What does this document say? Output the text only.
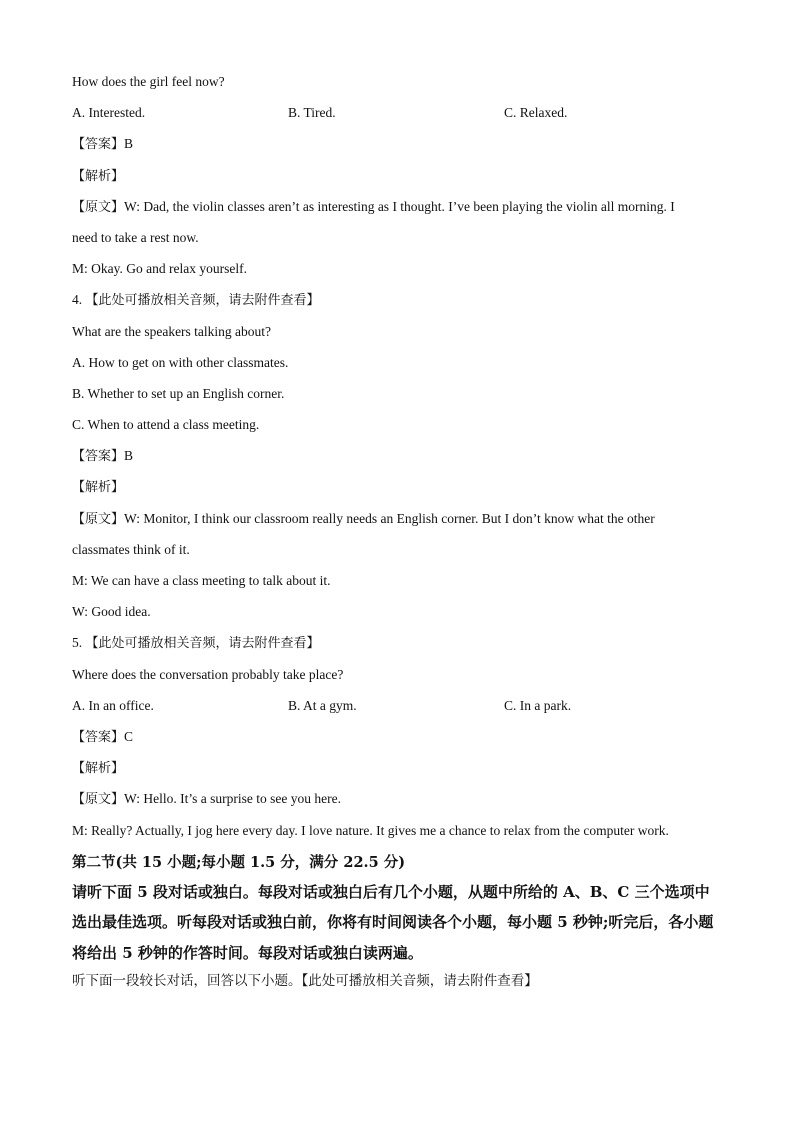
How does the girl feel now?
A. Interested.	B. Tired.	C. Relaxed.
【答案】B
【解析】
【原文】W: Dad, the violin classes aren’t as interesting as I thought. I’ve been playing the violin all morning. I
need to take a rest now.
M: Okay. Go and relax yourself.
4. 【此处可播放相关音频，请去附件查看】
What are the speakers talking about?
A. How to get on with other classmates.
B. Whether to set up an English corner.
C. When to attend a class meeting.
【答案】B
【解析】
【原文】W: Monitor, I think our classroom really needs an English corner. But I don’t know what the other
classmates think of it.
M: We can have a class meeting to talk about it.
W: Good idea.
5. 【此处可播放相关音频，请去附件查看】
Where does the conversation probably take place?
A. In an office.	B. At a gym.	C. In a park.
【答案】C
【解析】
【原文】W: Hello. It’s a surprise to see you here.
M: Really? Actually, I jog here every day. I love nature. It gives me a chance to relax from the computer work.
第二节(共 15 小题;每小题 1.5 分，满分 22.5 分)
请听下面 5 段对话或独白。每段对话或独白后有几个小题，从题中所给的 A、B、C 三个选项中选出最佳选项。听每段对话或独白前，你将有时间阅读各个小题，每小题 5 秒钟;听完后，各小题将给出 5 秒钟的作答时间。每段对话或独白读两遍。
听下面一段较长对话，回答以下小题。【此处可播放相关音频，请去附件查看】
